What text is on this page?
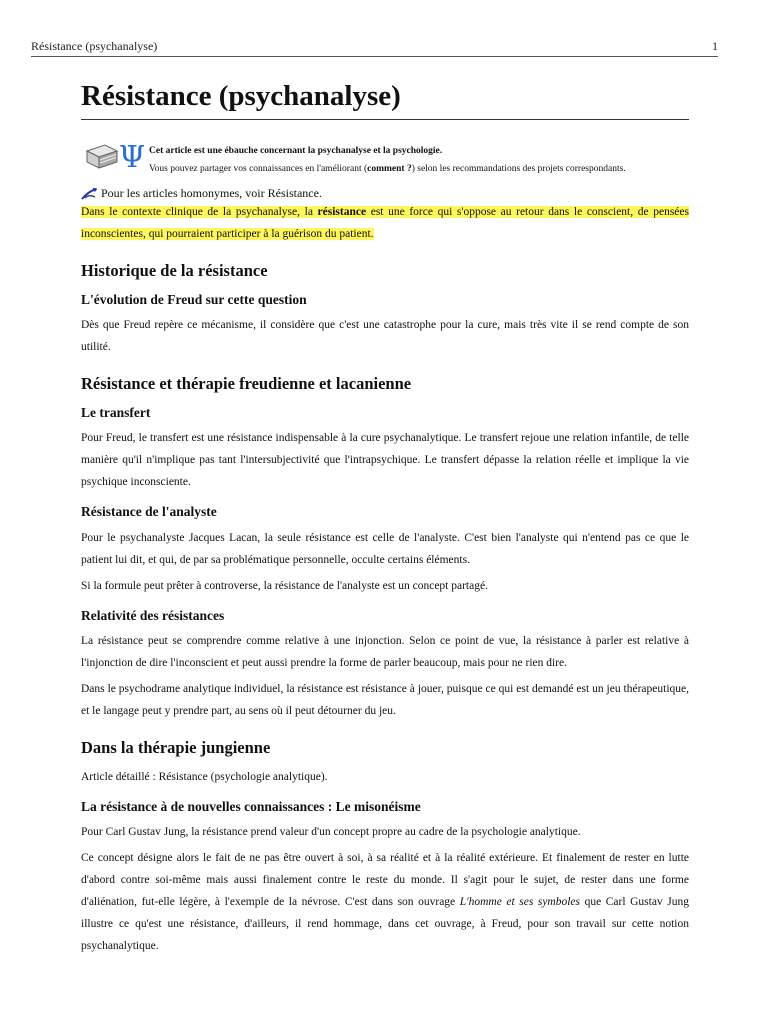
Résistance (psychanalyse)	1
Résistance (psychanalyse)
Ψ Cet article est une ébauche concernant la psychanalyse et la psychologie.
Vous pouvez partager vos connaissances en l'améliorant (comment ?) selon les recommandations des projets correspondants.
Pour les articles homonymes, voir Résistance.

Dans le contexte clinique de la psychanalyse, la résistance est une force qui s'oppose au retour dans le conscient, de pensées inconscientes, qui pourraient participer à la guérison du patient.

Historique de la résistance
L'évolution de Freud sur cette question

Dès que Freud repère ce mécanisme, il considère que c'est une catastrophe pour la cure, mais très vite il se rend compte de son utilité.

Résistance et thérapie freudienne et lacanienne
Le transfert

Pour Freud, le transfert est une résistance indispensable à la cure psychanalytique. Le transfert rejoue une relation infantile, de telle manière qu'il n'implique pas tant l'intersubjectivité que l'intrapsychique. Le transfert dépasse la relation réelle et implique la vie psychique inconsciente.

Résistance de l'analyste

Pour le psychanalyste Jacques Lacan, la seule résistance est celle de l'analyste. C'est bien l'analyste qui n'entend pas ce que le patient lui dit, et qui, de par sa problématique personnelle, occulte certains éléments.

Si la formule peut prêter à controverse, la résistance de l'analyste est un concept partagé.

Relativité des résistances

La résistance peut se comprendre comme relative à une injonction. Selon ce point de vue, la résistance à parler est relative à l'injonction de dire l'inconscient et peut aussi prendre la forme de parler beaucoup, mais pour ne rien dire.

Dans le psychodrame analytique individuel, la résistance est résistance à jouer, puisque ce qui est demandé est un jeu thérapeutique, et le langage peut y prendre part, au sens où il peut détourner du jeu.

Dans la thérapie jungienne

Article détaillé : Résistance (psychologie analytique).

La résistance à de nouvelles connaissances : Le misonéisme

Pour Carl Gustav Jung, la résistance prend valeur d'un concept propre au cadre de la psychologie analytique.

Ce concept désigne alors le fait de ne pas être ouvert à soi, à sa réalité et à la réalité extérieure. Et finalement de rester en lutte d'abord contre soi-même mais aussi finalement contre le reste du monde. Il s'agit pour le sujet, de rester dans une forme d'aliénation, fut-elle légère, à l'exemple de la névrose. C'est dans son ouvrage L'homme et ses symboles que Carl Gustav Jung illustre ce qu'est une résistance, d'ailleurs, il rend hommage, dans cet ouvrage, à Freud, pour son travail sur cette notion psychanalytique.
